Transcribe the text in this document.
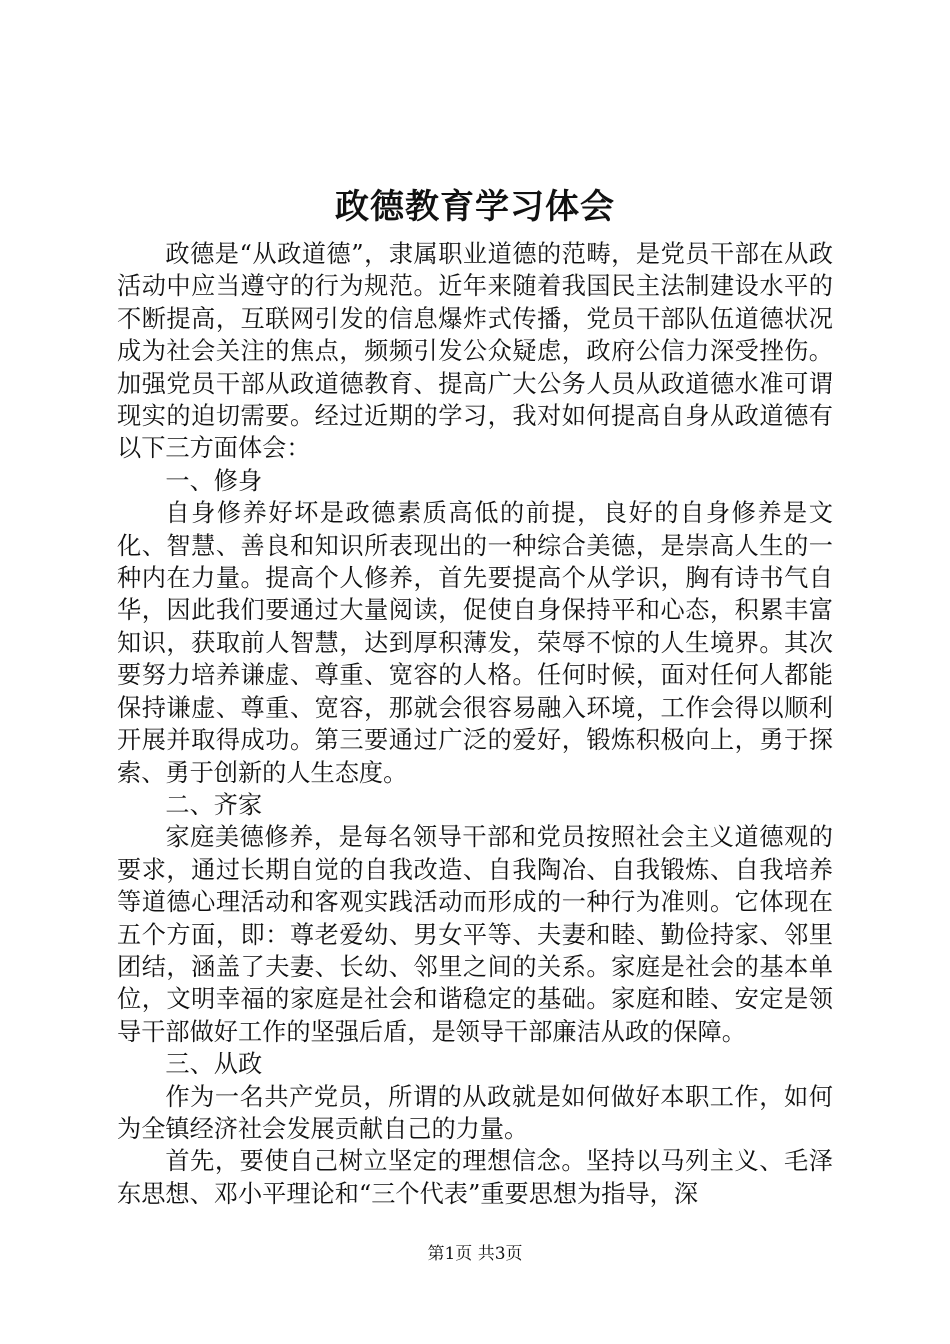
政德教育学习体会

政德是“从政道德”，隶属职业道德的范畴，是党员干部在从政活动中应当遵守的行为规范。近年来随着我国民主法制建设水平的不断提高，互联网引发的信息爆炸式传播，党员干部队伍道德状况成为社会关注的焦点，频频引发公众疑虑，政府公信力深受挫伤。加强党员干部从政道德教育、提高广大公务人员从政道德水准可谓现实的迫切需要。经过近期的学习，我对如何提高自身从政道德有以下三方面体会：

一、修身

自身修养好坏是政德素质高低的前提，良好的自身修养是文化、智慧、善良和知识所表现出的一种综合美德，是崇高人生的一种内在力量。提高个人修养，首先要提高个从学识，胸有诗书气自华，因此我们要通过大量阅读，促使自身保持平和心态，积累丰富知识，获取前人智慧，达到厚积薄发，荣辱不惊的人生境界。其次要努力培养谦虚、尊重、宽容的人格。任何时候，面对任何人都能保持谦虚、尊重、宽容，那就会很容易融入环境，工作会得以顺利开展并取得成功。第三要通过广泛的爱好，锻炼积极向上，勇于探索、勇于创新的人生态度。

二、齐家

家庭美德修养，是每名领导干部和党员按照社会主义道德观的要求，通过长期自觉的自我改造、自我陶冶、自我锻炼、自我培养等道德心理活动和客观实践活动而形成的一种行为准则。它体现在五个方面，即：尊老爱幼、男女平等、夫妻和睦、勤俭持家、邻里团结，涵盖了夫妻、长幼、邻里之间的关系。家庭是社会的基本单位，文明幸福的家庭是社会和谐稳定的基础。家庭和睦、安定是领导干部做好工作的坚强后盾，是领导干部廉洁从政的保障。

三、从政

作为一名共产党员，所谓的从政就是如何做好本职工作，如何为全镇经济社会发展贡献自己的力量。

首先，要使自己树立坚定的理想信念。坚持以马列主义、毛泽东思想、邓小平理论和“三个代表”重要思想为指导，深

第1页 共3页
